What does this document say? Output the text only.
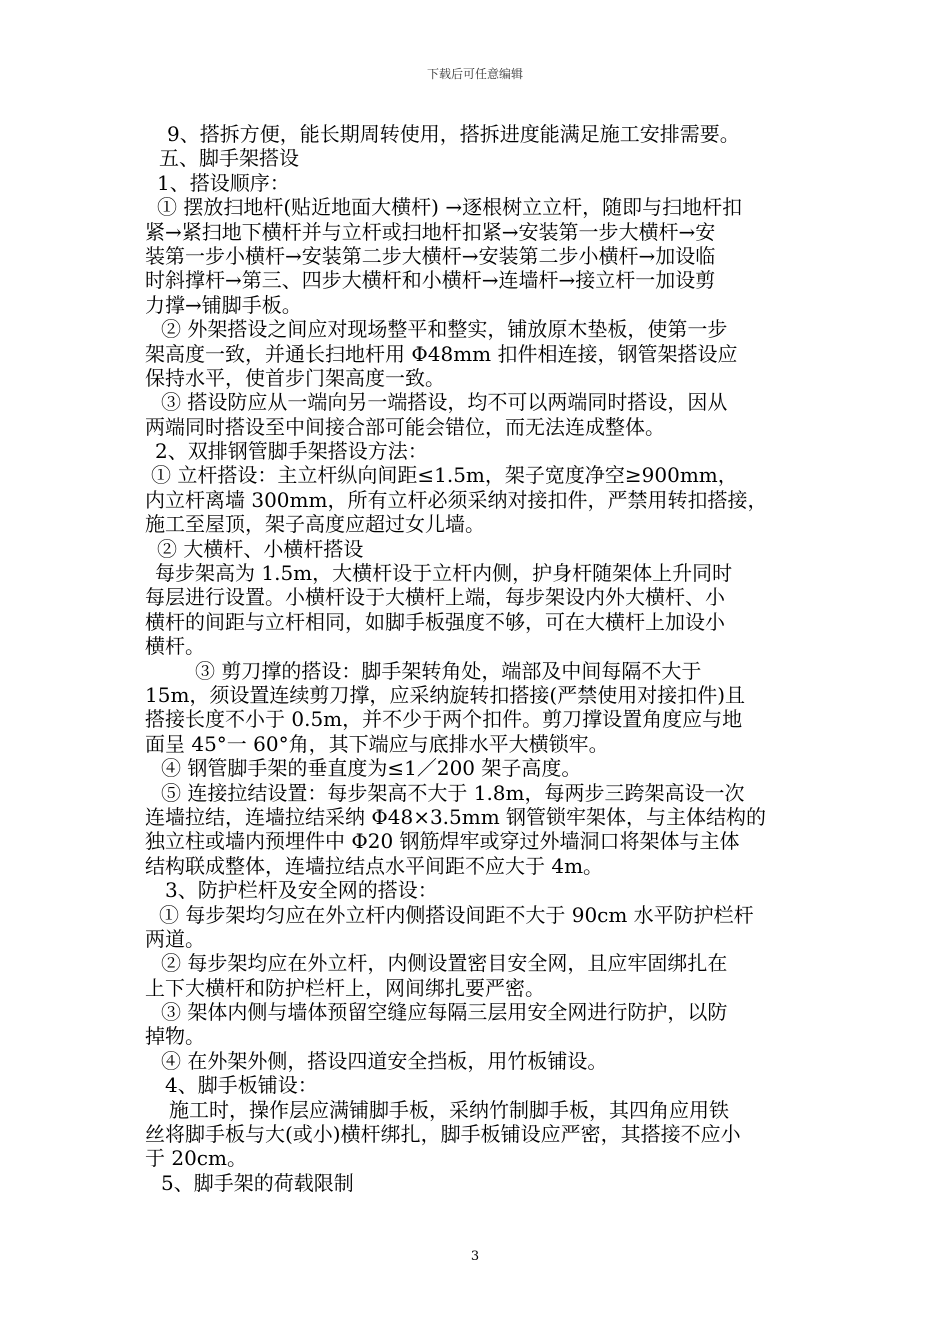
下载后可任意编辑
9、搭拆方便，能长期周转使用，搭拆进度能满足施工安排需要。
五、脚手架搭设
1、搭设顺序：
① 摆放扫地杆(贴近地面大横杆) →逐根树立立杆，随即与扫地杆扣
紧→紧扫地下横杆并与立杆或扫地杆扣紧→安装第一步大横杆→安
装第一步小横杆→安装第二步大横杆→安装第二步小横杆→加设临
时斜撑杆→第三、四步大横杆和小横杆→连墙杆→接立杆一加设剪
力撑→铺脚手板。
② 外架搭设之间应对现场整平和整实，铺放原木垫板，使第一步
架高度一致，并通长扫地杆用 Φ48mm 扣件相连接，钢管架搭设应
保持水平，使首步门架高度一致。
③ 搭设防应从一端向另一端搭设，均不可以两端同时搭设，因从
两端同时搭设至中间接合部可能会错位，而无法连成整体。
2、双排钢管脚手架搭设方法：
① 立杆搭设：主立杆纵向间距≤1.5m，架子宽度净空≥900mm，
内立杆离墙 300mm，所有立杆必须采纳对接扣件，严禁用转扣搭接，
施工至屋顶，架子高度应超过女儿墙。
② 大横杆、小横杆搭设
每步架高为 1.5m，大横杆设于立杆内侧，护身杆随架体上升同时
每层进行设置。小横杆设于大横杆上端，每步架设内外大横杆、小
横杆的间距与立杆相同，如脚手板强度不够，可在大横杆上加设小
横杆。
③ 剪刀撑的搭设：脚手架转角处，端部及中间每隔不大于
15m，须设置连续剪刀撑，应采纳旋转扣搭接(严禁使用对接扣件)且
搭接长度不小于 0.5m，并不少于两个扣件。剪刀撑设置角度应与地
面呈 45°一 60°角，其下端应与底排水平大横锁牢。
④ 钢管脚手架的垂直度为≤1／200 架子高度。
⑤ 连接拉结设置：每步架高不大于 1.8m，每两步三跨架高设一次
连墙拉结，连墙拉结采纳 Φ48×3.5mm 钢管锁牢架体，与主体结构的
独立柱或墙内预埋件中 Φ20 钢筋焊牢或穿过外墙洞口将架体与主体
结构联成整体，连墙拉结点水平间距不应大于 4m。
3、防护栏杆及安全网的搭设：
① 每步架均匀应在外立杆内侧搭设间距不大于 90cm 水平防护栏杆
两道。
② 每步架均应在外立杆，内侧设置密目安全网，且应牢固绑扎在
上下大横杆和防护栏杆上，网间绑扎要严密。
③ 架体内侧与墙体预留空缝应每隔三层用安全网进行防护，以防
掉物。
④ 在外架外侧，搭设四道安全挡板，用竹板铺设。
4、脚手板铺设：
施工时，操作层应满铺脚手板，采纳竹制脚手板，其四角应用铁
丝将脚手板与大(或小)横杆绑扎，脚手板铺设应严密，其搭接不应小
于 20cm。
5、脚手架的荷载限制
3
